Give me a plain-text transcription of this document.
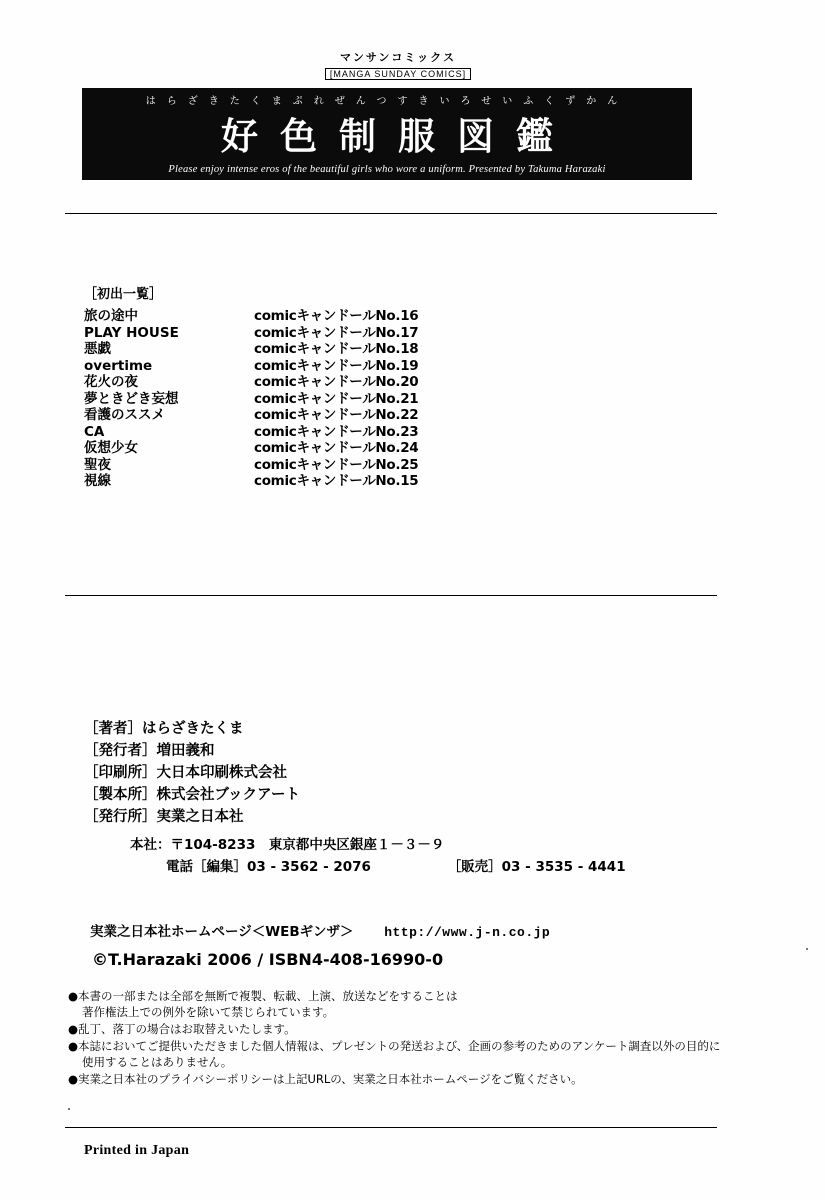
マンサンコミックス
[MANGA SUNDAY COMICS]
はらざきたくまぷれぜんつすきいろせいふくずかん
好色制服図鑑
Please enjoy intense eros of the beautiful girls who wore a uniform. Presented by Takuma Harazaki
［初出一覧］
旅の途中	comicキャンドールNo.16
PLAY HOUSE	comicキャンドールNo.17
悪戯	comicキャンドールNo.18
overtime	comicキャンドールNo.19
花火の夜	comicキャンドールNo.20
夢ときどき妄想	comicキャンドールNo.21
看護のススメ	comicキャンドールNo.22
CA	comicキャンドールNo.23
仮想少女	comicキャンドールNo.24
聖夜	comicキャンドールNo.25
視線	comicキャンドールNo.15
［著者］はらざきたくま
［発行者］増田義和
［印刷所］大日本印刷株式会社
［製本所］株式会社ブックアート
［発行所］実業之日本社
本社：〒104-8233　東京都中央区銀座１－３－９
電話［編集］03 - 3562 - 2076	［販売］03 - 3535 - 4441
実業之日本社ホームページ＜WEBギンザ＞ http://www.j-n.co.jp
©T.Harazaki 2006 / ISBN4-408-16990-0
●本書の一部または全部を無断で複製、転載、上演、放送などをすることは
著作権法上での例外を除いて禁じられています。
●乱丁、落丁の場合はお取替えいたします。
●本誌においてご提供いただきました個人情報は、プレゼントの発送および、企画の参考のためのアンケート調査以外の目的に
使用することはありません。
●実業之日本社のプライバシーポリシーは上記URLの、実業之日本社ホームページをご覧ください。
Printed in Japan
